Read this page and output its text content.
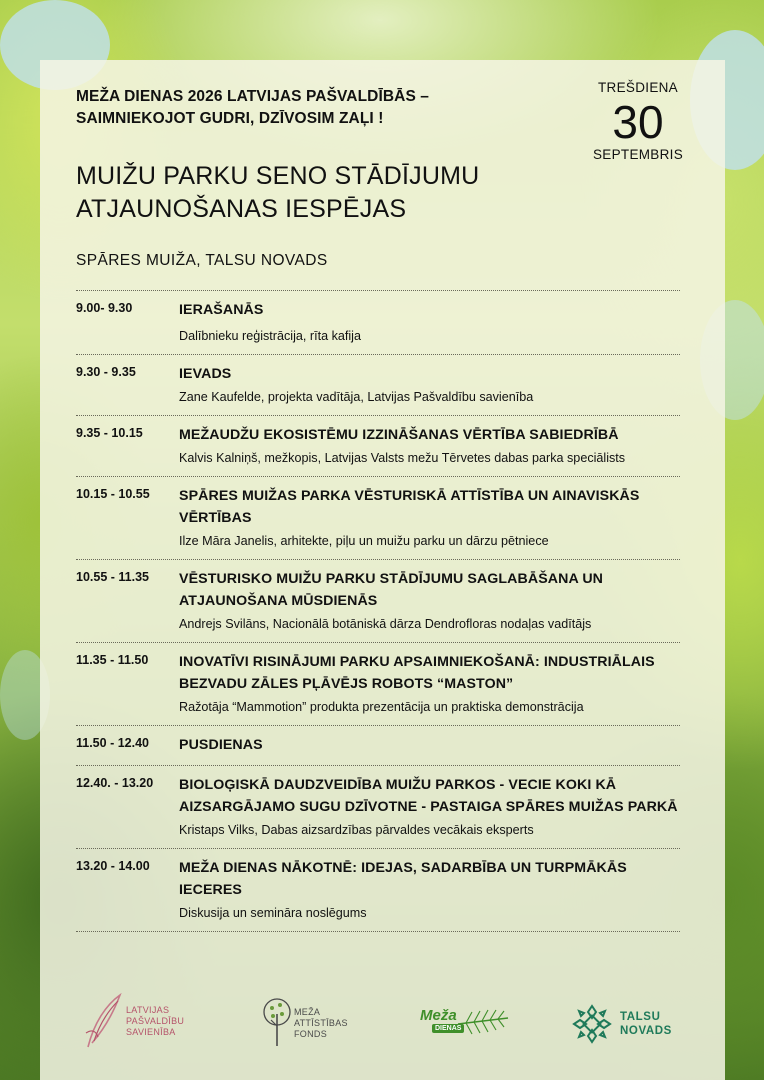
MEŽA DIENAS 2026 LATVIJAS PAŠVALDĪBĀS –
SAIMNIEKOJOT GUDRI, DZĪVOSIM ZAĻI !
TREŠDIENA
30
SEPTEMBRIS
MUIŽU PARKU SENO STĀDĪJUMU
ATJAUNOŠANAS IESPĒJAS
SPĀRES MUIŽA, TALSU NOVADS
9.00- 9.30	IERAŠANĀS
Dalībnieku reģistrācija, rīta kafija
9.30 - 9.35	IEVADS
Zane Kaufelde, projekta vadītāja, Latvijas Pašvaldību savienība
9.35 - 10.15	MEŽAUDŽU EKOSISTĒMU IZZINĀŠANAS VĒRTĪBA SABIEDRĪBĀ
Kalvis Kalniņš, mežkopis, Latvijas Valsts mežu Tērvetes dabas parka speciālists
10.15 - 10.55 SPĀRES MUIŽAS PARKA VĒSTURISKĀ ATTĪSTĪBA UN AINAVISKĀS VĒRTĪBAS
Ilze Māra Janelis, arhitekte, piļu un muižu parku un dārzu pētniece
10.55 - 11.35 VĒSTURISKO MUIŽU PARKU STĀDĪJUMU SAGLABĀŠANA UN ATJAUNOŠANA MŪSDIENĀS
Andrejs Svilāns, Nacionālā botāniskā dārza Dendrofloras nodaļas vadītājs
11.35 - 11.50 INOVATĪVI RISINĀJUMI PARKU APSAIMNIEKOŠANĀ: INDUSTRIĀLAIS BEZVADU ZĀLES PĻĀVĒJS ROBOTS “MASTON”
Ražotāja “Mammotion” produkta prezentācija un praktiska demonstrācija
11.50 - 12.40 PUSDIENAS
12.40. - 13.20 BIOLOĢISKĀ DAUDZVEIDĪBA MUIŽU PARKOS - VECIE KOKI KĀ AIZSARGĀJAMO SUGU DZĪVOTNE - PASTAIGA SPĀRES MUIŽAS PARKĀ
Kristaps Vilks, Dabas aizsardzības pārvaldes vecākais eksperts
13.20 - 14.00 MEŽA DIENAS NĀKOTNĒ: IDEJAS, SADARBĪBA UN TURPMĀKĀS IECERES
Diskusija un semināra noslēgums
LATVIJAS
PAŠVALDĪBU
SAVIENĪBA
MEŽA
ATTĪSTĪBAS
FONDS
Meža
DIENAS
TALSU
NOVADS
